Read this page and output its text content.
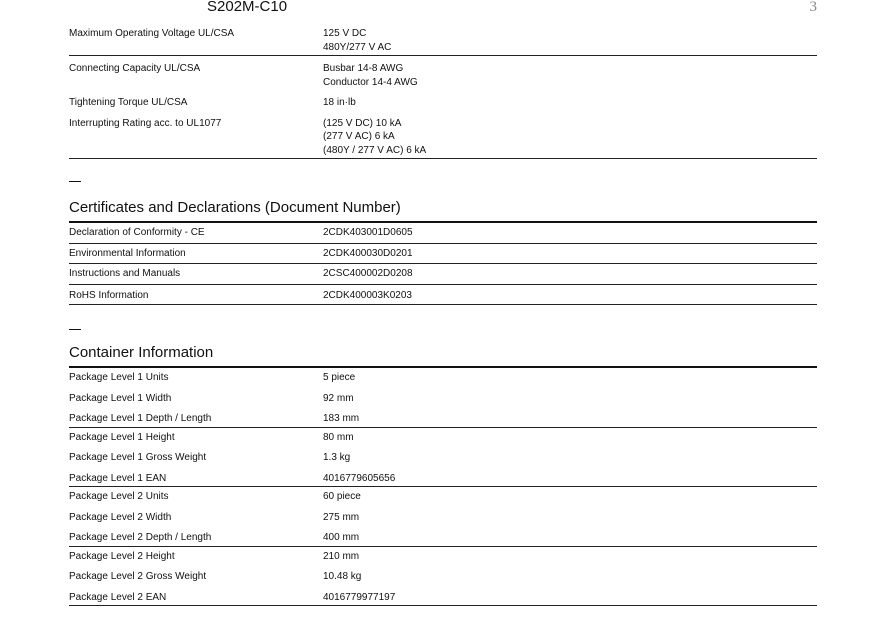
S202M-C10	3
Maximum Operating Voltage UL/CSA	125 V DC
480Y/277 V AC
Connecting Capacity UL/CSA	Busbar 14-8 AWG
Conductor 14-4 AWG
Tightening Torque UL/CSA	18 in·lb
Interrupting Rating acc. to UL1077	(125 V DC) 10 kA
(277 V AC) 6 kA
(480Y / 277 V AC) 6 kA
Certificates and Declarations (Document Number)
Declaration of Conformity - CE	2CDK403001D0605
Environmental Information	2CDK400030D0201
Instructions and Manuals	2CSC400002D0208
RoHS Information	2CDK400003K0203
Container Information
Package Level 1 Units	5 piece
Package Level 1 Width	92 mm
Package Level 1 Depth / Length	183 mm
Package Level 1 Height	80 mm
Package Level 1 Gross Weight	1.3 kg
Package Level 1 EAN	4016779605656
Package Level 2 Units	60 piece
Package Level 2 Width	275 mm
Package Level 2 Depth / Length	400 mm
Package Level 2 Height	210 mm
Package Level 2 Gross Weight	10.48 kg
Package Level 2 EAN	4016779977197
